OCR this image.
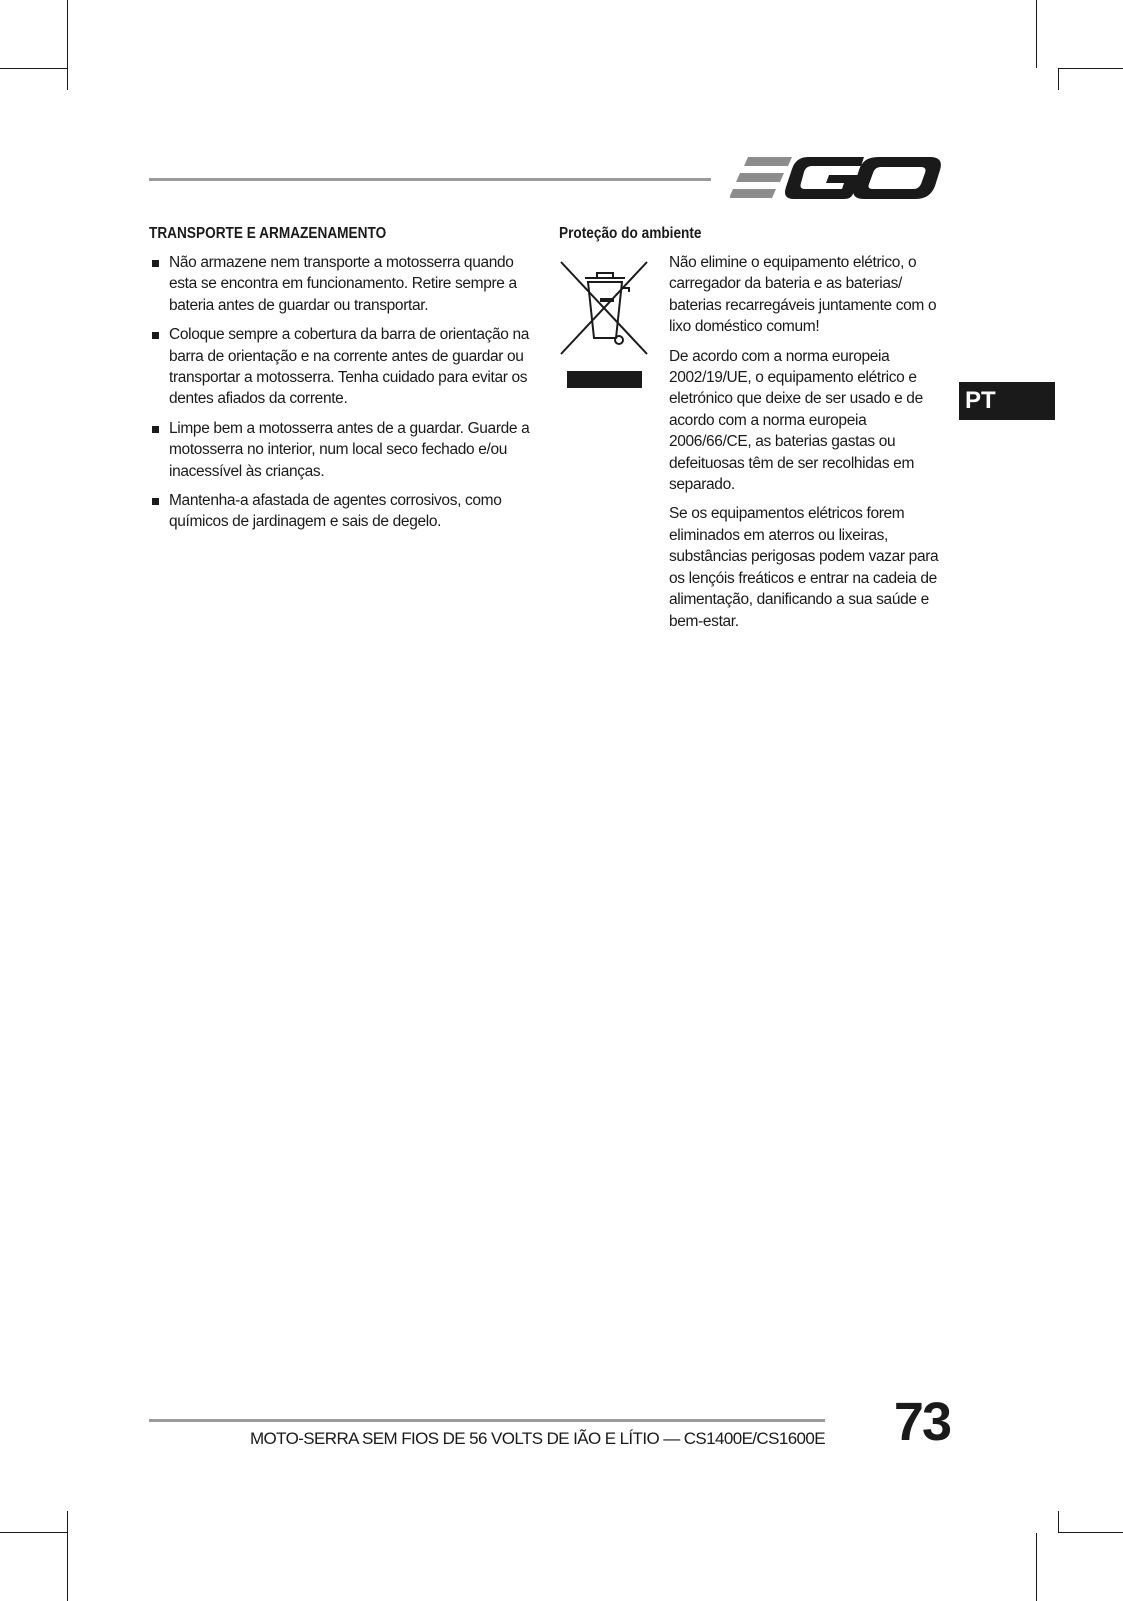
TRANSPORTE E ARMAZENAMENTO
Não armazene nem transporte a motosserra quando esta se encontra em funcionamento. Retire sempre a bateria antes de guardar ou transportar.
Coloque sempre a cobertura da barra de orientação na barra de orientação e na corrente antes de guardar ou transportar a motosserra. Tenha cuidado para evitar os dentes afiados da corrente.
Limpe bem a motosserra antes de a guardar. Guarde a motosserra no interior, num local seco fechado e/ou inacessível às crianças.
Mantenha-a afastada de agentes corrosivos, como químicos de jardinagem e sais de degelo.
Proteção do ambiente

Não elimine o equipamento elétrico, o carregador da bateria e as baterias/ baterias recarregáveis juntamente com o lixo doméstico comum!

De acordo com a norma europeia 2002/19/UE, o equipamento elétrico e eletrónico que deixe de ser usado e de acordo com a norma europeia 2006/66/CE, as baterias gastas ou defeituosas têm de ser recolhidas em separado.

Se os equipamentos elétricos forem eliminados em aterros ou lixeiras, substâncias perigosas podem vazar para os lençóis freáticos e entrar na cadeia de alimentação, danificando a sua saúde e bem-estar.

PT
MOTO-SERRA SEM FIOS DE 56 VOLTS DE IÃO E LÍTIO — CS1400E/CS1600E 73
